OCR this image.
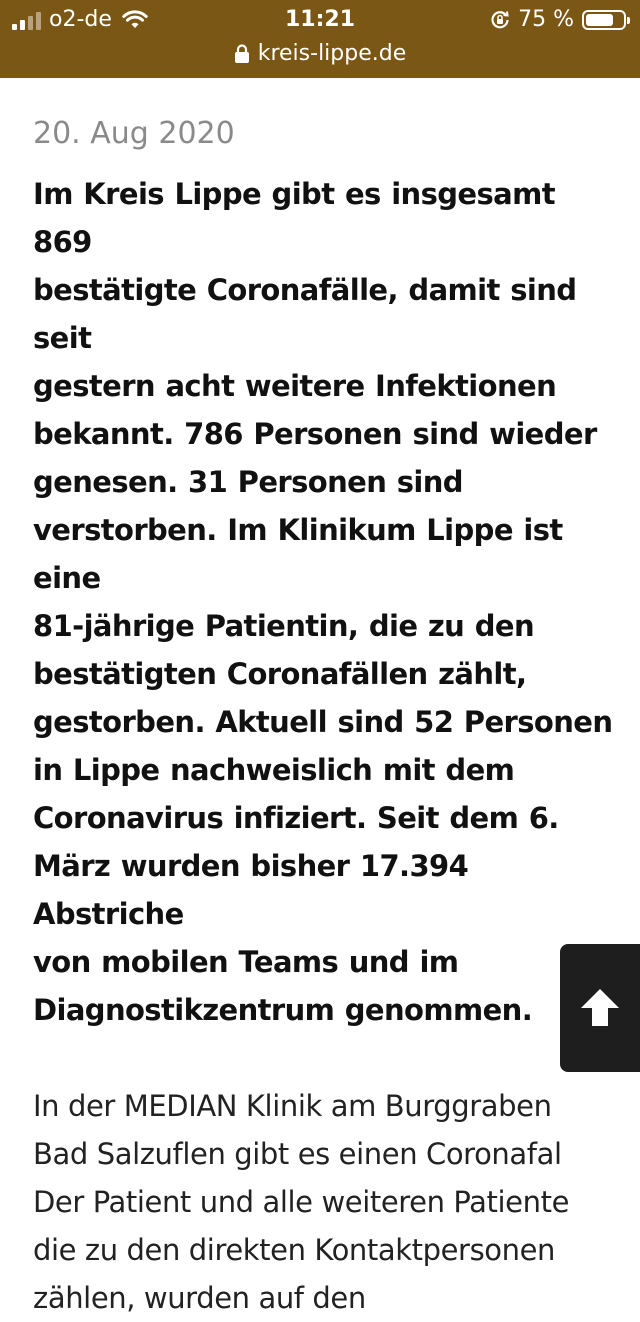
o2-de	11:21	75 %
kreis-lippe.de

20. Aug 2020

Im Kreis Lippe gibt es insgesamt 869
bestätigte Coronafälle, damit sind seit
gestern acht weitere Infektionen
bekannt. 786 Personen sind wieder
genesen. 31 Personen sind
verstorben. Im Klinikum Lippe ist eine
81-jährige Patientin, die zu den
bestätigten Coronafällen zählt,
gestorben. Aktuell sind 52 Personen
in Lippe nachweislich mit dem
Coronavirus infiziert. Seit dem 6.
März wurden bisher 17.394 Abstriche
von mobilen Teams und im
Diagnostikzentrum genommen.

In der MEDIAN Klinik am Burggraben
Bad Salzuflen gibt es einen Coronafal
Der Patient und alle weiteren Patiente
die zu den direkten Kontaktpersonen
zählen, wurden auf den
